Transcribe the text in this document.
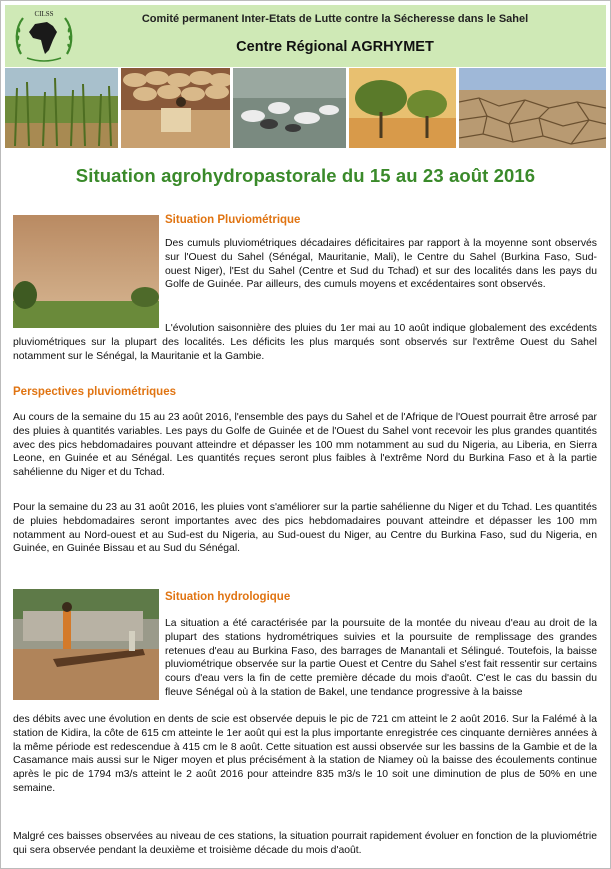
CILSS	Comité permanent Inter-Etats de Lutte contre la Sécheresse dans le Sahel
Centre Régional AGRHYMET
Situation agrohydropastorale du 15 au 23 août 2016
Situation Pluviométrique
Des cumuls pluviométriques décadaires déficitaires par rapport à la moyenne sont observés sur l'Ouest du Sahel (Sénégal, Mauritanie, Mali), le Centre du Sahel (Burkina Faso, Sud-ouest Niger), l'Est du Sahel (Centre et Sud du Tchad) et sur des localités dans les pays du Golfe de Guinée. Par ailleurs, des cumuls moyens et excédentaires sont observés.
L'évolution saisonnière des pluies du 1er mai au 10 août indique globalement des excédents pluviométriques sur la plupart des localités. Les déficits les plus marqués sont observés sur l'extrême Ouest du Sahel notamment sur le Sénégal, la Mauritanie et la Gambie.
Perspectives pluviométriques
Au cours de la semaine du 15 au 23 août 2016, l'ensemble des pays du Sahel et de l'Afrique de l'Ouest pourrait être arrosé par des pluies à quantités variables. Les pays du Golfe de Guinée et de l'Ouest du Sahel vont recevoir les plus grandes quantités avec des pics hebdomadaires pouvant atteindre et dépasser les 100 mm notamment au sud du Nigeria, au Liberia, en Sierra Leone, en Guinée et au Sénégal. Les quantités reçues seront plus faibles à l'extrême Nord du Burkina Faso et à la partie sahélienne du Niger et du Tchad.
Pour la semaine du 23 au 31 août 2016, les pluies vont s'améliorer sur la partie sahélienne du Niger et du Tchad. Les quantités de pluies hebdomadaires seront importantes avec des pics hebdomadaires pouvant atteindre et dépasser les 100 mm notamment au Nord-ouest et au Sud-est du Nigeria, au Sud-ouest du Niger, au Centre du Burkina Faso, sud du Nigeria, en Guinée, en Guinée Bissau et au Sud du Sénégal.
Situation hydrologique
La situation a été caractérisée par la poursuite de la montée du niveau d'eau au droit de la plupart des stations hydrométriques suivies et la poursuite de remplissage des grandes retenues d'eau au Burkina Faso, des barrages de Manantali et Sélingué. Toutefois, la baisse pluviométrique observée sur la partie Ouest et Centre du Sahel s'est fait ressentir sur certains cours d'eau vers la fin de cette première décade du mois d'août. C'est le cas du bassin du fleuve Sénégal où à la station de Bakel, une tendance progressive à la baisse
des débits avec une évolution en dents de scie est observée depuis le pic de 721 cm atteint le 2 août 2016. Sur la Falémé à la station de Kidira, la côte de 615 cm atteinte le 1er août qui est la plus importante enregistrée ces cinquante dernières années à la même période est redescendue à 415 cm le 8 août. Cette situation est aussi observée sur les bassins de la Gambie et de la Casamance mais aussi sur le Niger moyen et plus précisément à la station de Niamey où la baisse des écoulements continue après le pic de 1794 m3/s atteint le 2 août 2016 pour atteindre 835 m3/s le 10 soit une diminution de plus de 50% en une semaine.
Malgré ces baisses observées au niveau de ces stations, la situation pourrait rapidement évoluer en fonction de la pluviométrie qui sera observée pendant la deuxième et troisième décade du mois d'août.
